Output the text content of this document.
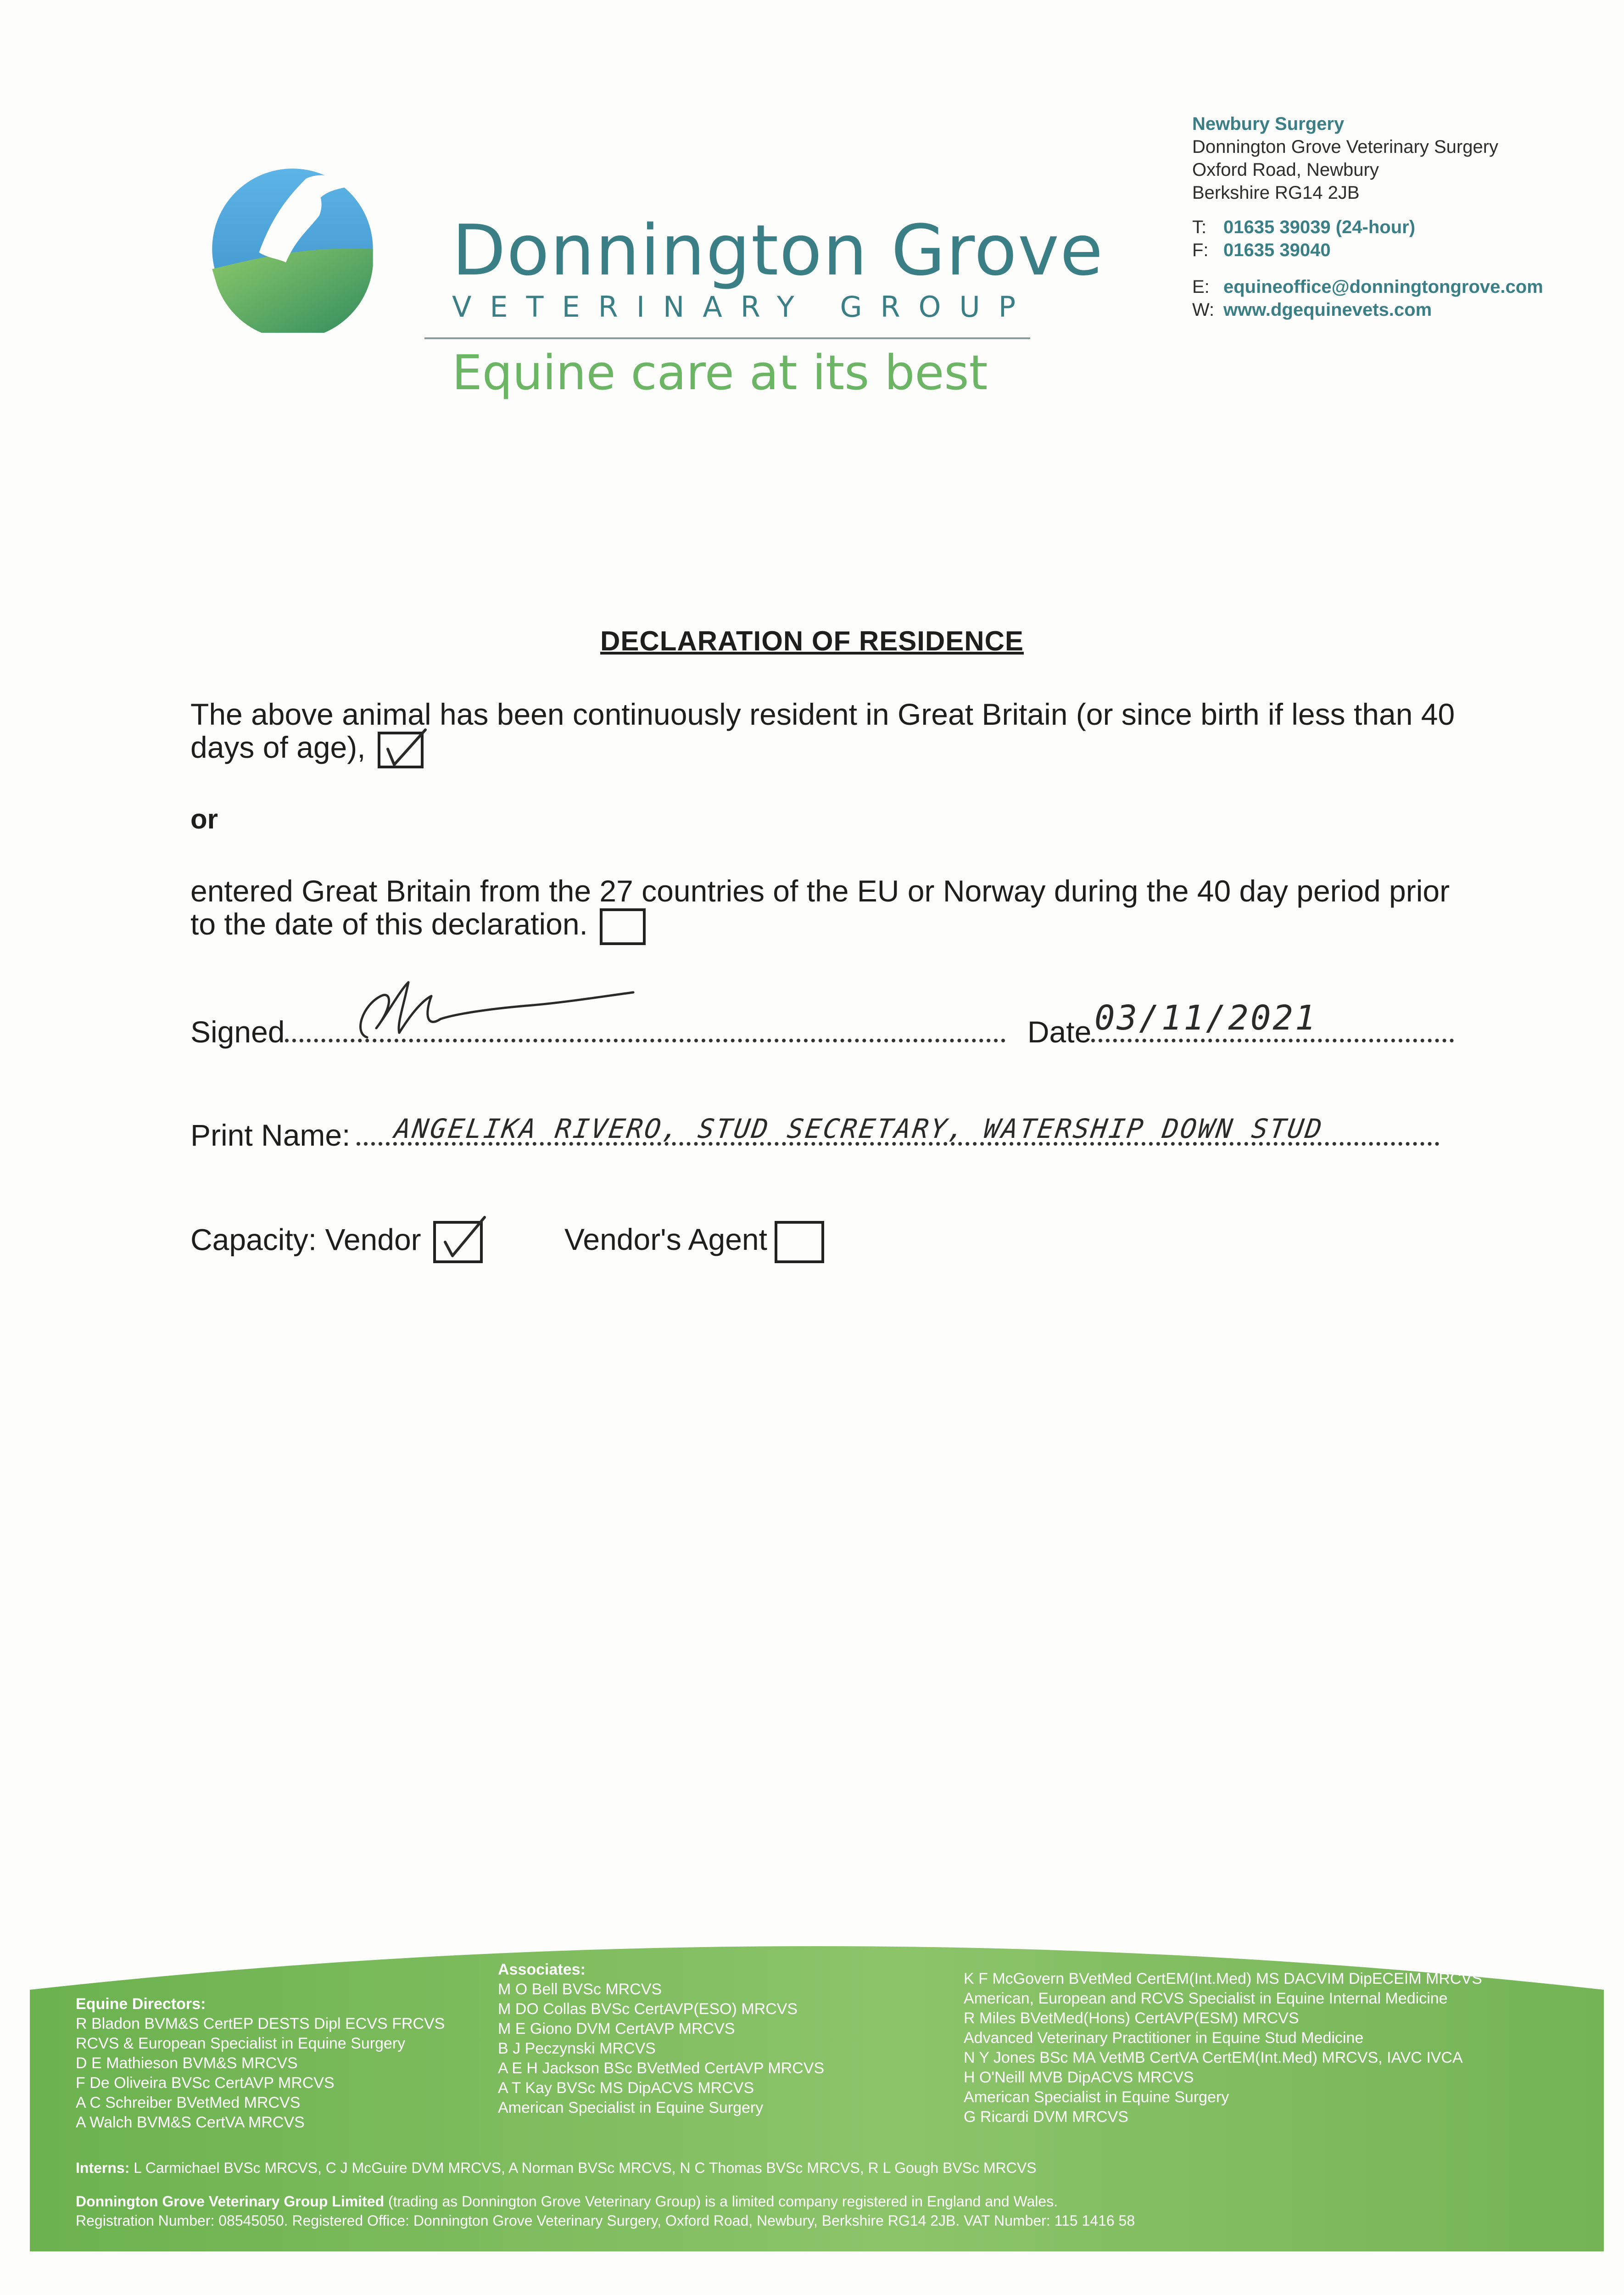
Donnington Grove
VETERINARY GROUP
Equine care at its best
Newbury Surgery
Donnington Grove Veterinary Surgery
Oxford Road, Newbury
Berkshire RG14 2JB
T: 01635 39039 (24-hour)
F: 01635 39040
E: equineoffice@donningtongrove.com
W: www.dgequinevets.com
DECLARATION OF RESIDENCE
The above animal has been continuously resident in Great Britain (or since birth if less than 40 days of age),
or
entered Great Britain from the 27 countries of the EU or Norway during the 40 day period prior to the date of this declaration.
Signed	Date 03/11/2021
Print Name:	ANGELIKA RIVERO, STUD SECRETARY, WATERSHIP DOWN STUD
Capacity: Vendor	Vendor's Agent
Equine Directors:
R Bladon BVM&S CertEP DESTS Dipl ECVS FRCVS
RCVS & European Specialist in Equine Surgery
D E Mathieson BVM&S MRCVS
F De Oliveira BVSc CertAVP MRCVS
A C Schreiber BVetMed MRCVS
A Walch BVM&S CertVA MRCVS
Associates:
M O Bell BVSc MRCVS
M DO Collas BVSc CertAVP(ESO) MRCVS
M E Giono DVM CertAVP MRCVS
B J Peczynski MRCVS
A E H Jackson BSc BVetMed CertAVP MRCVS
A T Kay BVSc MS DipACVS MRCVS
American Specialist in Equine Surgery
K F McGovern BVetMed CertEM(Int.Med) MS DACVIM DipECEIM MRCVS
American, European and RCVS Specialist in Equine Internal Medicine
R Miles BVetMed(Hons) CertAVP(ESM) MRCVS
Advanced Veterinary Practitioner in Equine Stud Medicine
N Y Jones BSc MA VetMB CertVA CertEM(Int.Med) MRCVS, IAVC IVCA
H O'Neill MVB DipACVS MRCVS
American Specialist in Equine Surgery
G Ricardi DVM MRCVS
Interns: L Carmichael BVSc MRCVS, C J McGuire DVM MRCVS, A Norman BVSc MRCVS, N C Thomas BVSc MRCVS, R L Gough BVSc MRCVS
Donnington Grove Veterinary Group Limited (trading as Donnington Grove Veterinary Group) is a limited company registered in England and Wales.
Registration Number: 08545050. Registered Office: Donnington Grove Veterinary Surgery, Oxford Road, Newbury, Berkshire RG14 2JB. VAT Number: 115 1416 58
